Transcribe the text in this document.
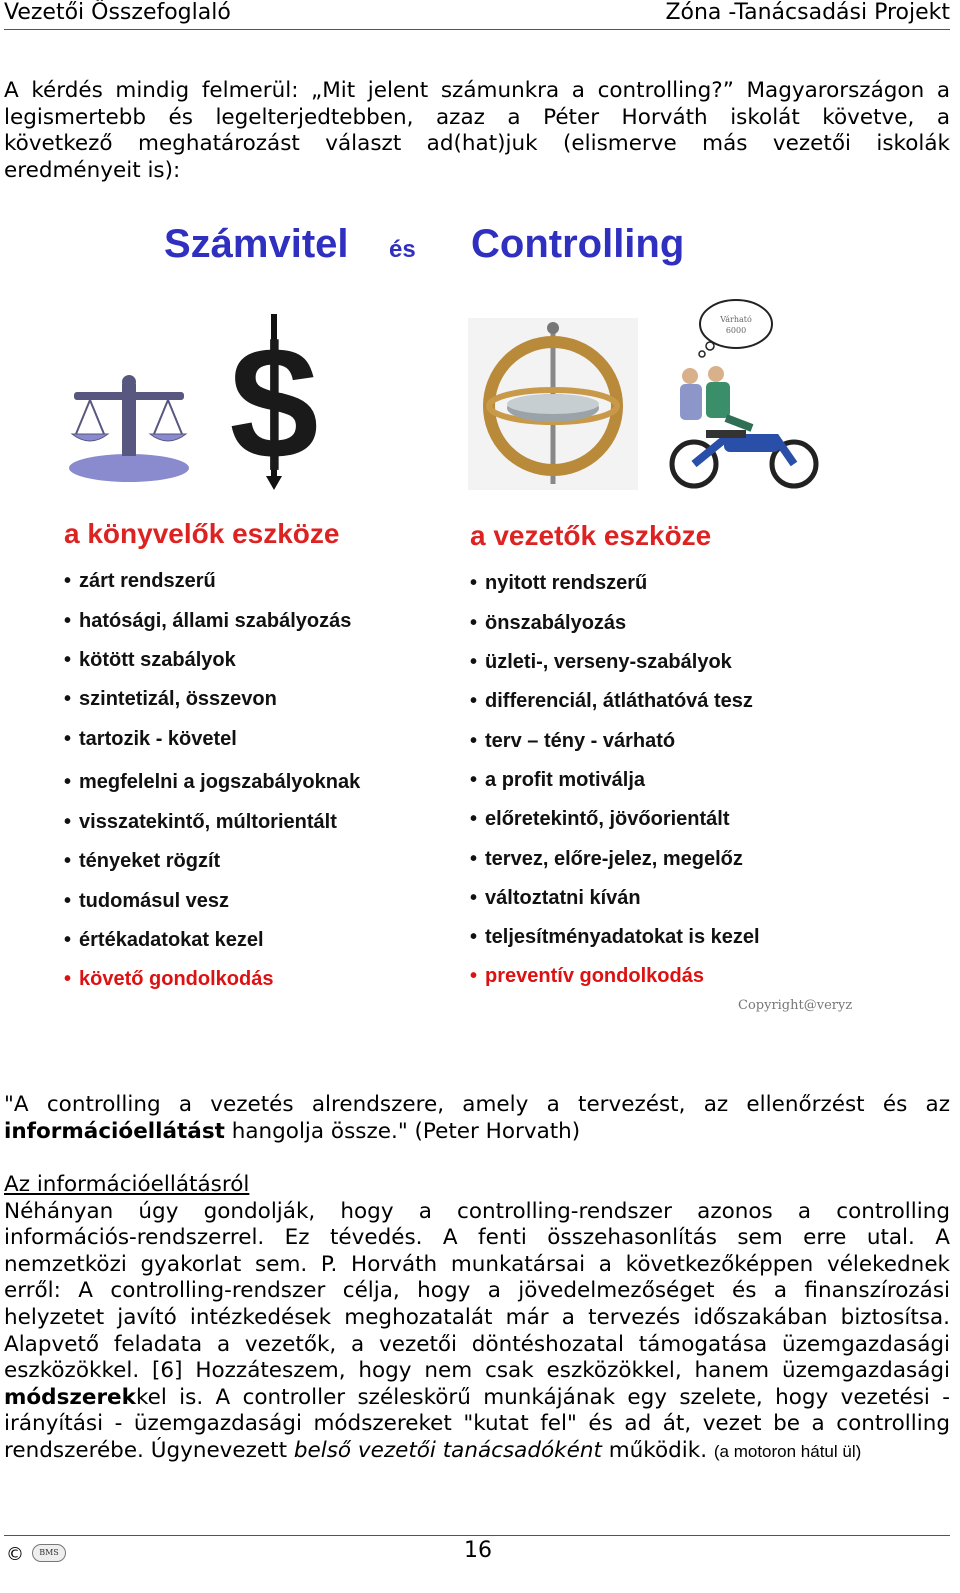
Vezetői Összefoglaló	Zóna -Tanácsadási Projekt
A kérdés mindig felmerül: „Mit jelent számunkra a controlling?” Magyarországon a
legismertebb és legelterjedtebben, azaz a Péter Horváth iskolát követve, a
következő meghatározást választ ad(hat)juk (elismerve más vezetői iskolák
eredményeit is):
Számvitel és Controlling
$	Várható
6000
a könyvelők eszköze	a vezetők eszköze
• zárt rendszerű
• hatósági, állami szabályozás
• kötött szabályok
• szintetizál, összevon
• tartozik - követel
• megfelelni a jogszabályoknak
• visszatekintő, múltorientált
• tényeket rögzít
• tudomásul vesz
• értékadatokat kezel
• követő gondolkodás
• nyitott rendszerű
• önszabályozás
• üzleti-, verseny-szabályok
• differenciál, átláthatóvá tesz
• terv – tény - várható
• a profit motiválja
• előretekintő, jövőorientált
• tervez, előre-jelez, megelőz
• változtatni kíván
• teljesítményadatokat is kezel
• preventív gondolkodás
Copyright@veryz
"A controlling a vezetés alrendszere, amely a tervezést, az ellenőrzést és az
információellátást hangolja össze." (Peter Horvath)
Az információellátásról
Néhányan úgy gondolják, hogy a controlling-rendszer azonos a controlling
információs-rendszerrel. Ez tévedés. A fenti összehasonlítás sem erre utal. A
nemzetközi gyakorlat sem. P. Horváth munkatársai a következőképpen vélekednek
erről: A controlling-rendszer célja, hogy a jövedelmezőséget és a finanszírozási
helyzetet javító intézkedések meghozatalát már a tervezés időszakában biztosítsa.
Alapvető feladata a vezetők, a vezetői döntéshozatal támogatása üzemgazdasági
eszközökkel. [6] Hozzáteszem, hogy nem csak eszközökkel, hanem üzemgazdasági
módszerekkel is. A controller széleskörű munkájának egy szelete, hogy vezetési -
irányítási - üzemgazdasági módszereket "kutat fel" és ad át, vezet be a controlling
rendszerébe. Úgynevezett belső vezetői tanácsadóként működik. (a motoron hátul ül)
©	BMS	16
